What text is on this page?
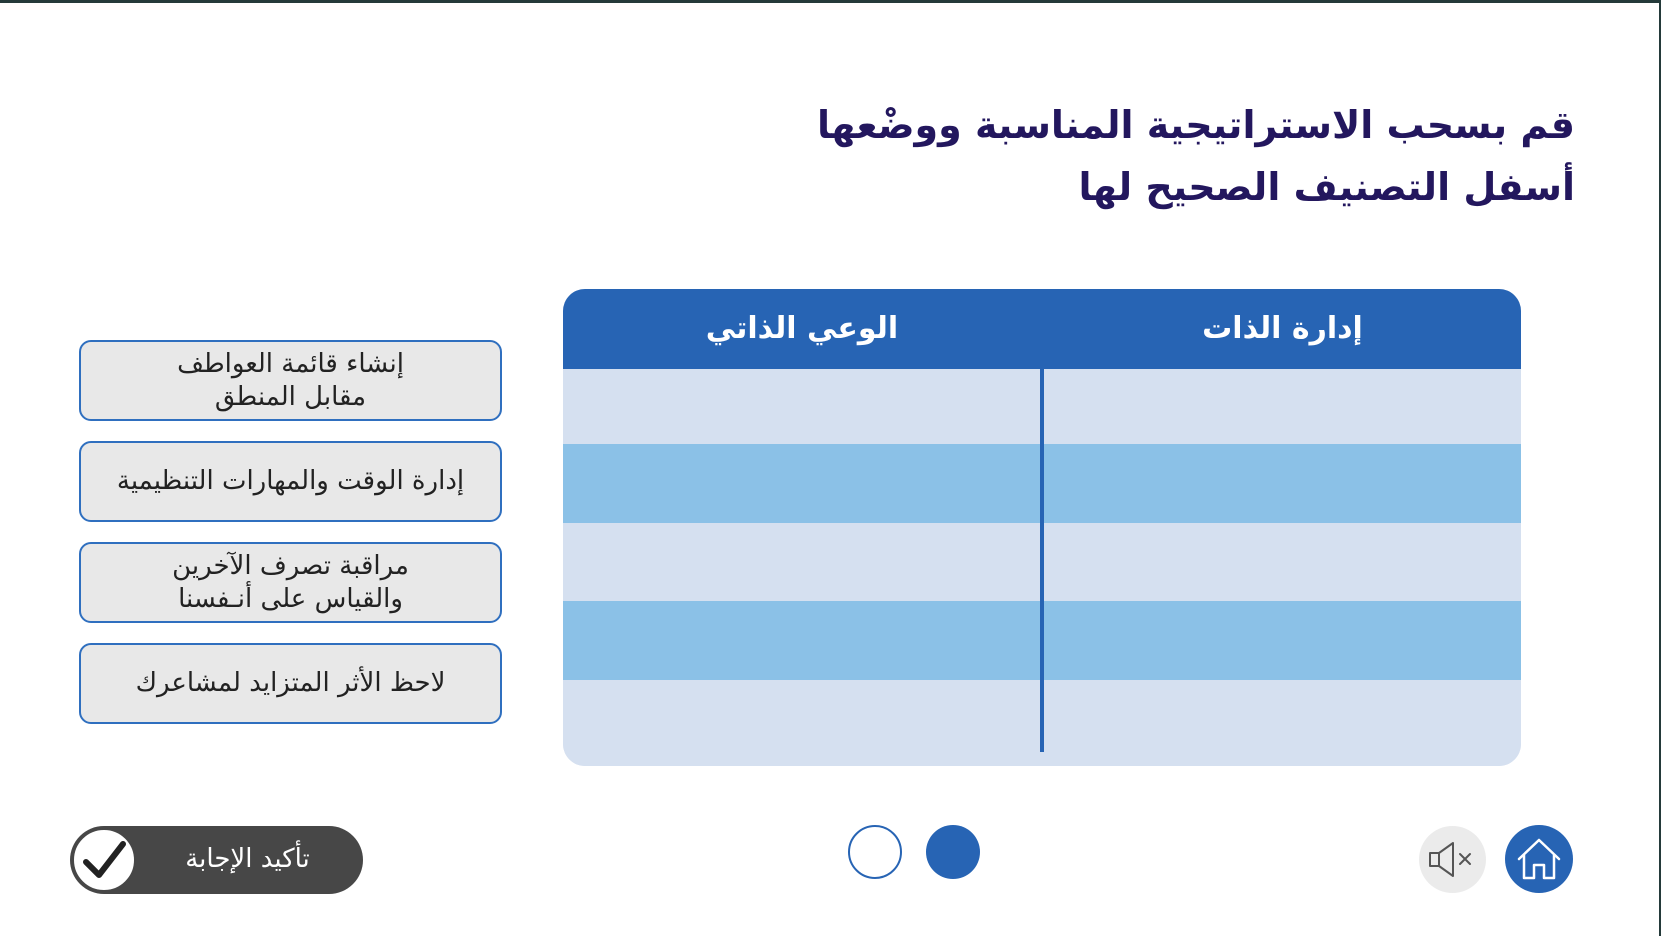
قم بسحب الاستراتيجية المناسبة ووضْعها
أسفل التصنيف الصحيح لها
الوعي الذاتي	إدارة الذات
إنشاء قائمة العواطف
مقابل المنطق
إدارة الوقت والمهارات التنظيمية
مراقبة تصرف الآخرين
والقياس على أنـفسنا
لاحظ الأثر المتزايد لمشاعرك
تأكيد الإجابة
